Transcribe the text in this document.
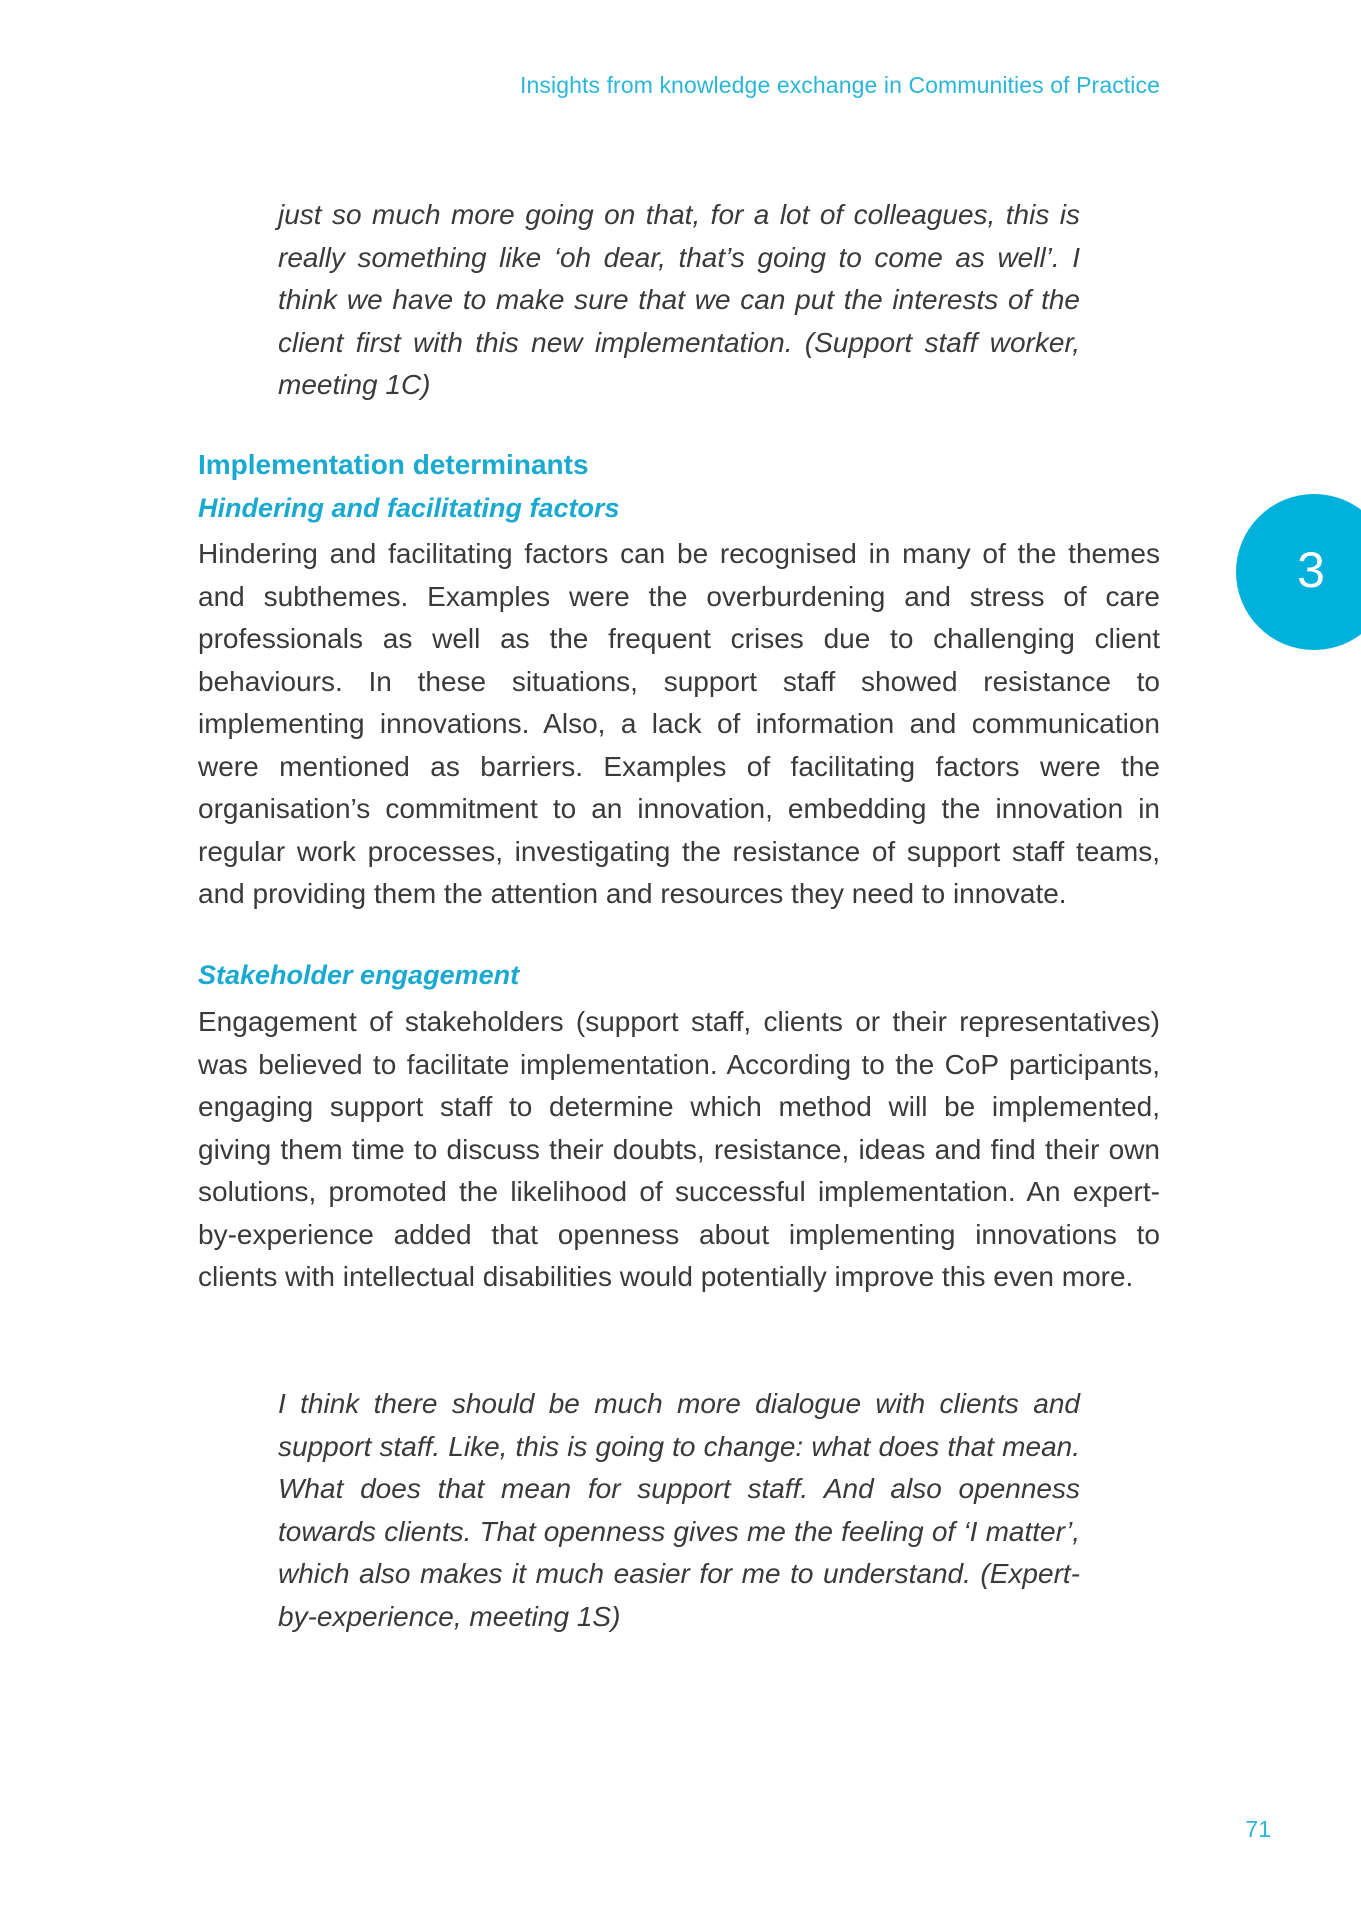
Insights from knowledge exchange in Communities of Practice
3

just so much more going on that, for a lot of colleagues, this is really something like ‘oh dear, that’s going to come as well’. I think we have to make sure that we can put the interests of the client first with this new implementation. (Support staff worker, meeting 1C)

Implementation determinants
Hindering and facilitating factors

Hindering and facilitating factors can be recognised in many of the themes and subthemes. Examples were the overburdening and stress of care professionals as well as the frequent crises due to challenging client behaviours. In these situations, support staff showed resistance to implementing innovations. Also, a lack of information and communication were mentioned as barriers. Examples of facilitating factors were the organisation’s commitment to an innovation, embedding the innovation in regular work processes, investigating the resistance of support staff teams, and providing them the attention and resources they need to innovate.

Stakeholder engagement

Engagement of stakeholders (support staff, clients or their representatives) was believed to facilitate implementation. According to the CoP participants, engaging support staff to determine which method will be implemented, giving them time to discuss their doubts, resistance, ideas and find their own solutions, promoted the likelihood of successful implementation. An expert-by-experience added that openness about implementing innovations to clients with intellectual disabilities would potentially improve this even more.

I think there should be much more dialogue with clients and support staff. Like, this is going to change: what does that mean. What does that mean for support staff. And also openness towards clients. That openness gives me the feeling of ‘I matter’, which also makes it much easier for me to understand. (Expert-by-experience, meeting 1S)

71
